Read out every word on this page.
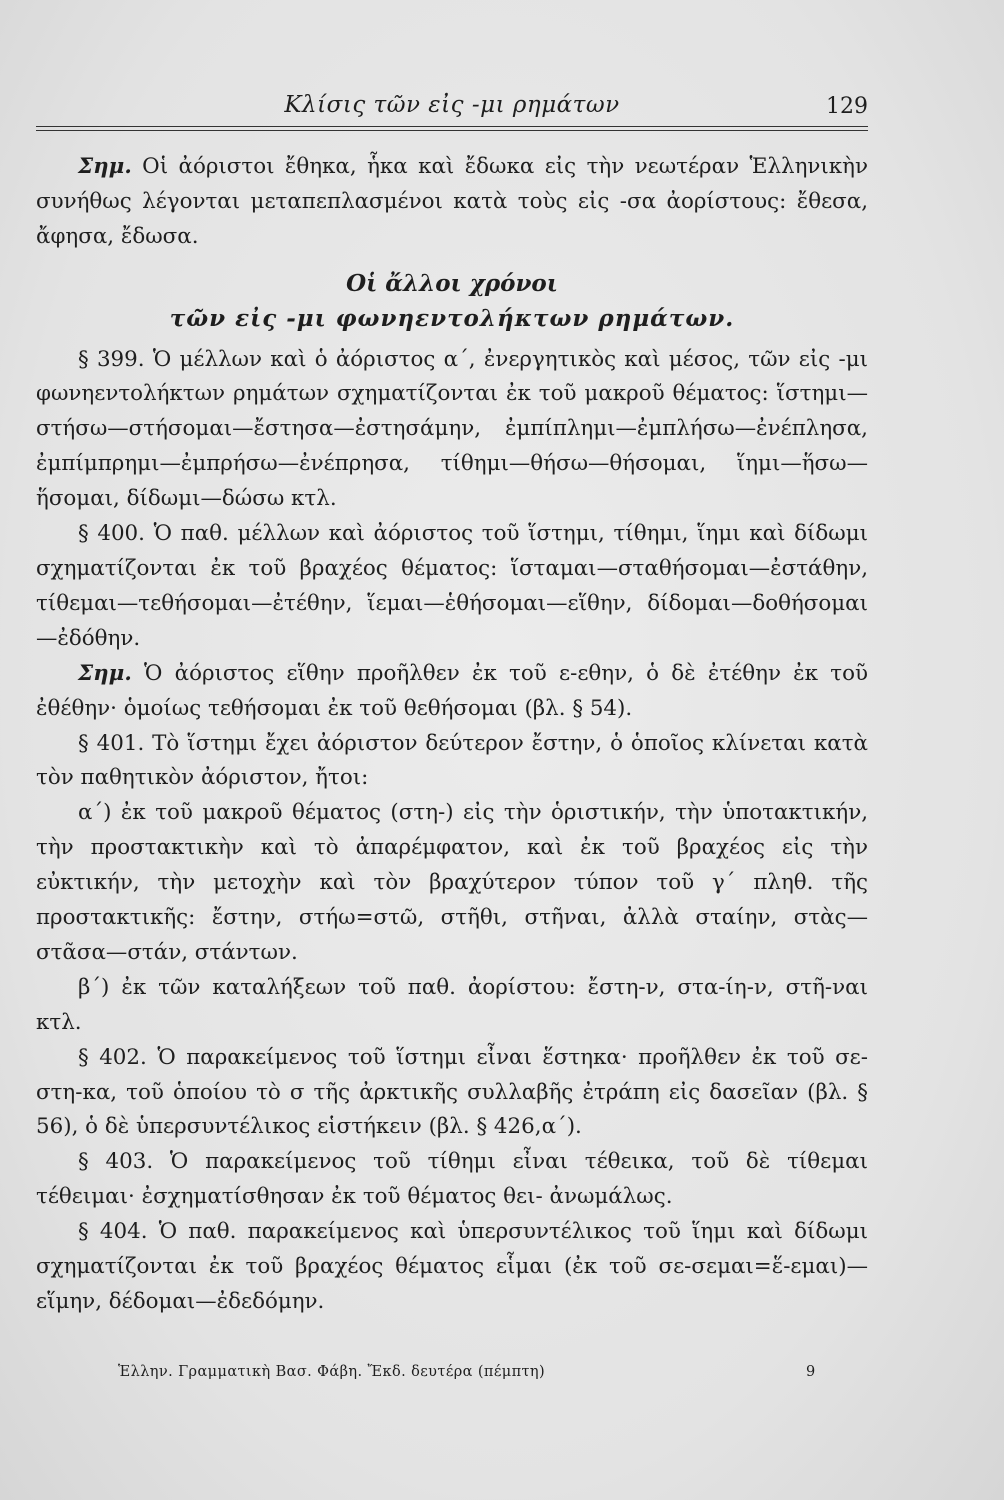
Κλίσις τῶν εἰς -μι ρημάτων	129

Σημ. Οἱ ἀόριστοι ἔθηκα, ἧκα καὶ ἔδωκα εἰς τὴν νεωτέραν Ἑλληνικὴν συνήθως λέγονται μεταπεπλασμένοι κατὰ τοὺς εἰς -σα ἀορίστους: ἔθεσα, ἄφησα, ἔδωσα.

Οἱ ἄλλοι χρόνοι
τῶν εἰς -μι φωνηεντολήκτων ρημάτων.

§ 399. Ὁ μέλλων καὶ ὁ ἀόριστος α΄, ἐνεργητικὸς καὶ μέσος, τῶν εἰς -μι φωνηεντολήκτων ρημάτων σχηματίζονται ἐκ τοῦ μακροῦ θέματος: ἵστημι—στήσω—στήσομαι—ἔστησα—ἐστησάμην, ἐμπίπλημι—ἐμπλήσω—ἐνέπλησα, ἐμπίμπρημι—ἐμπρήσω—ἐνέπρησα, τίθημι—θήσω—θήσομαι, ἵημι—ἥσω—ἥσομαι, δίδωμι—δώσω κτλ.

§ 400. Ὁ παθ. μέλλων καὶ ἀόριστος τοῦ ἵστημι, τίθημι, ἵημι καὶ δίδωμι σχηματίζονται ἐκ τοῦ βραχέος θέματος: ἵσταμαι—σταθήσομαι—ἐστάθην, τίθεμαι—τεθήσομαι—ἐτέθην, ἵεμαι—ἑθήσομαι—εἵθην, δίδομαι—δοθήσομαι—ἐδόθην.

Σημ. Ὁ ἀόριστος εἵθην προῆλθεν ἐκ τοῦ ε-εθην, ὁ δὲ ἐτέθην ἐκ τοῦ ἐθέθην· ὁμοίως τεθήσομαι ἐκ τοῦ θεθήσομαι (βλ. § 54).

§ 401. Τὸ ἵστημι ἔχει ἀόριστον δεύτερον ἔστην, ὁ ὁποῖος κλίνεται κατὰ τὸν παθητικὸν ἀόριστον, ἤτοι:

α΄) ἐκ τοῦ μακροῦ θέματος (στη-) εἰς τὴν ὁριστικήν, τὴν ὑποτακτικήν, τὴν προστακτικὴν καὶ τὸ ἀπαρέμφατον, καὶ ἐκ τοῦ βραχέος εἰς τὴν εὐκτικήν, τὴν μετοχὴν καὶ τὸν βραχύτερον τύπον τοῦ γ΄ πληθ. τῆς προστακτικῆς: ἔστην, στήω=στῶ, στῆθι, στῆναι, ἀλλὰ σταίην, στὰς—στᾶσα—στάν, στάντων.

β΄) ἐκ τῶν καταλήξεων τοῦ παθ. ἀορίστου: ἔστη-ν, στα-ίη-ν, στῆ-ναι κτλ.

§ 402. Ὁ παρακείμενος τοῦ ἵστημι εἶναι ἕστηκα· προῆλθεν ἐκ τοῦ σε-στη-κα, τοῦ ὁποίου τὸ σ τῆς ἀρκτικῆς συλλαβῆς ἐτράπη εἰς δασεῖαν (βλ. § 56), ὁ δὲ ὑπερσυντέλικος εἱστήκειν (βλ. § 426,α΄).

§ 403. Ὁ παρακείμενος τοῦ τίθημι εἶναι τέθεικα, τοῦ δὲ τίθεμαι τέθειμαι· ἐσχηματίσθησαν ἐκ τοῦ θέματος θει- ἀνωμάλως.

§ 404. Ὁ παθ. παρακείμενος καὶ ὑπερσυντέλικος τοῦ ἵημι καὶ δίδωμι σχηματίζονται ἐκ τοῦ βραχέος θέματος εἷμαι (ἐκ τοῦ σε-σεμαι=ἕ-εμαι)—εἵμην, δέδομαι—ἐδεδόμην.

Ἑλλην. Γραμματικὴ Βασ. Φάβη. Ἔκδ. δευτέρα (πέμπτη)	9
